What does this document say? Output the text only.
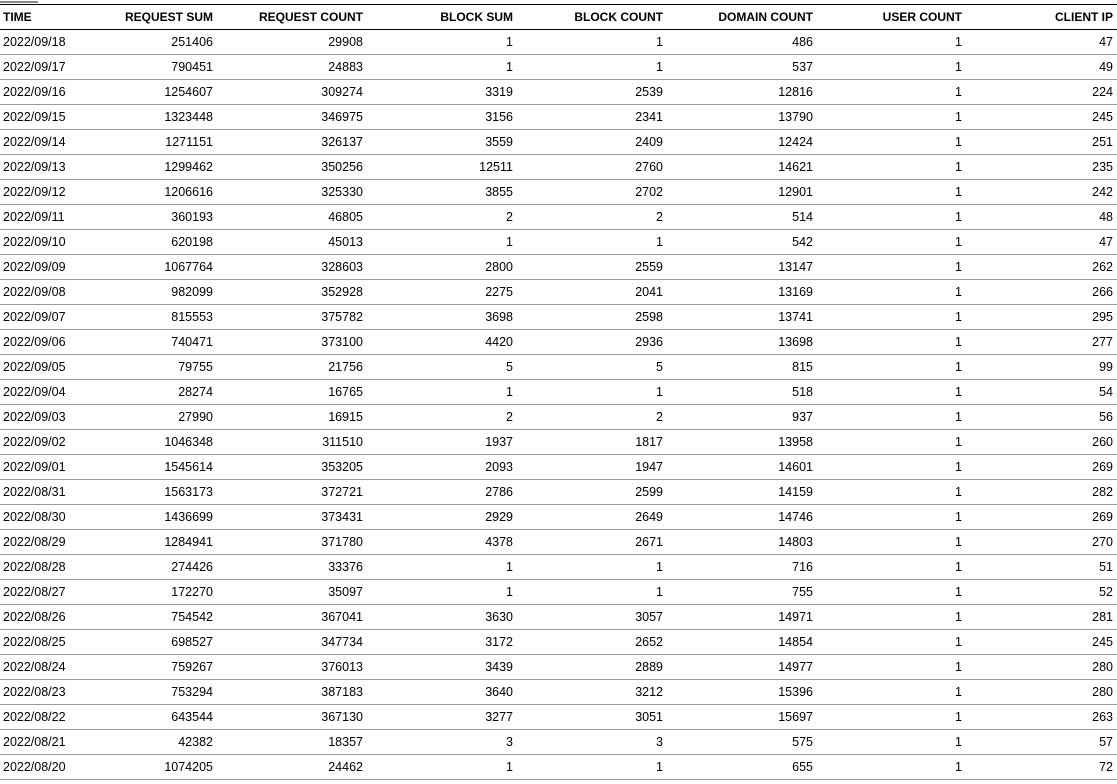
TIME	REQUEST SUM	REQUEST COUNT	BLOCK SUM	BLOCK COUNT	DOMAIN COUNT	USER COUNT	CLIENT IP
2022/09/18	251406	29908	1	1	486	1	47
2022/09/17	790451	24883	1	1	537	1	49
2022/09/16	1254607	309274	3319	2539	12816	1	224
2022/09/15	1323448	346975	3156	2341	13790	1	245
2022/09/14	1271151	326137	3559	2409	12424	1	251
2022/09/13	1299462	350256	12511	2760	14621	1	235
2022/09/12	1206616	325330	3855	2702	12901	1	242
2022/09/11	360193	46805	2	2	514	1	48
2022/09/10	620198	45013	1	1	542	1	47
2022/09/09	1067764	328603	2800	2559	13147	1	262
2022/09/08	982099	352928	2275	2041	13169	1	266
2022/09/07	815553	375782	3698	2598	13741	1	295
2022/09/06	740471	373100	4420	2936	13698	1	277
2022/09/05	79755	21756	5	5	815	1	99
2022/09/04	28274	16765	1	1	518	1	54
2022/09/03	27990	16915	2	2	937	1	56
2022/09/02	1046348	311510	1937	1817	13958	1	260
2022/09/01	1545614	353205	2093	1947	14601	1	269
2022/08/31	1563173	372721	2786	2599	14159	1	282
2022/08/30	1436699	373431	2929	2649	14746	1	269
2022/08/29	1284941	371780	4378	2671	14803	1	270
2022/08/28	274426	33376	1	1	716	1	51
2022/08/27	172270	35097	1	1	755	1	52
2022/08/26	754542	367041	3630	3057	14971	1	281
2022/08/25	698527	347734	3172	2652	14854	1	245
2022/08/24	759267	376013	3439	2889	14977	1	280
2022/08/23	753294	387183	3640	3212	15396	1	280
2022/08/22	643544	367130	3277	3051	15697	1	263
2022/08/21	42382	18357	3	3	575	1	57
2022/08/20	1074205	24462	1	1	655	1	72
